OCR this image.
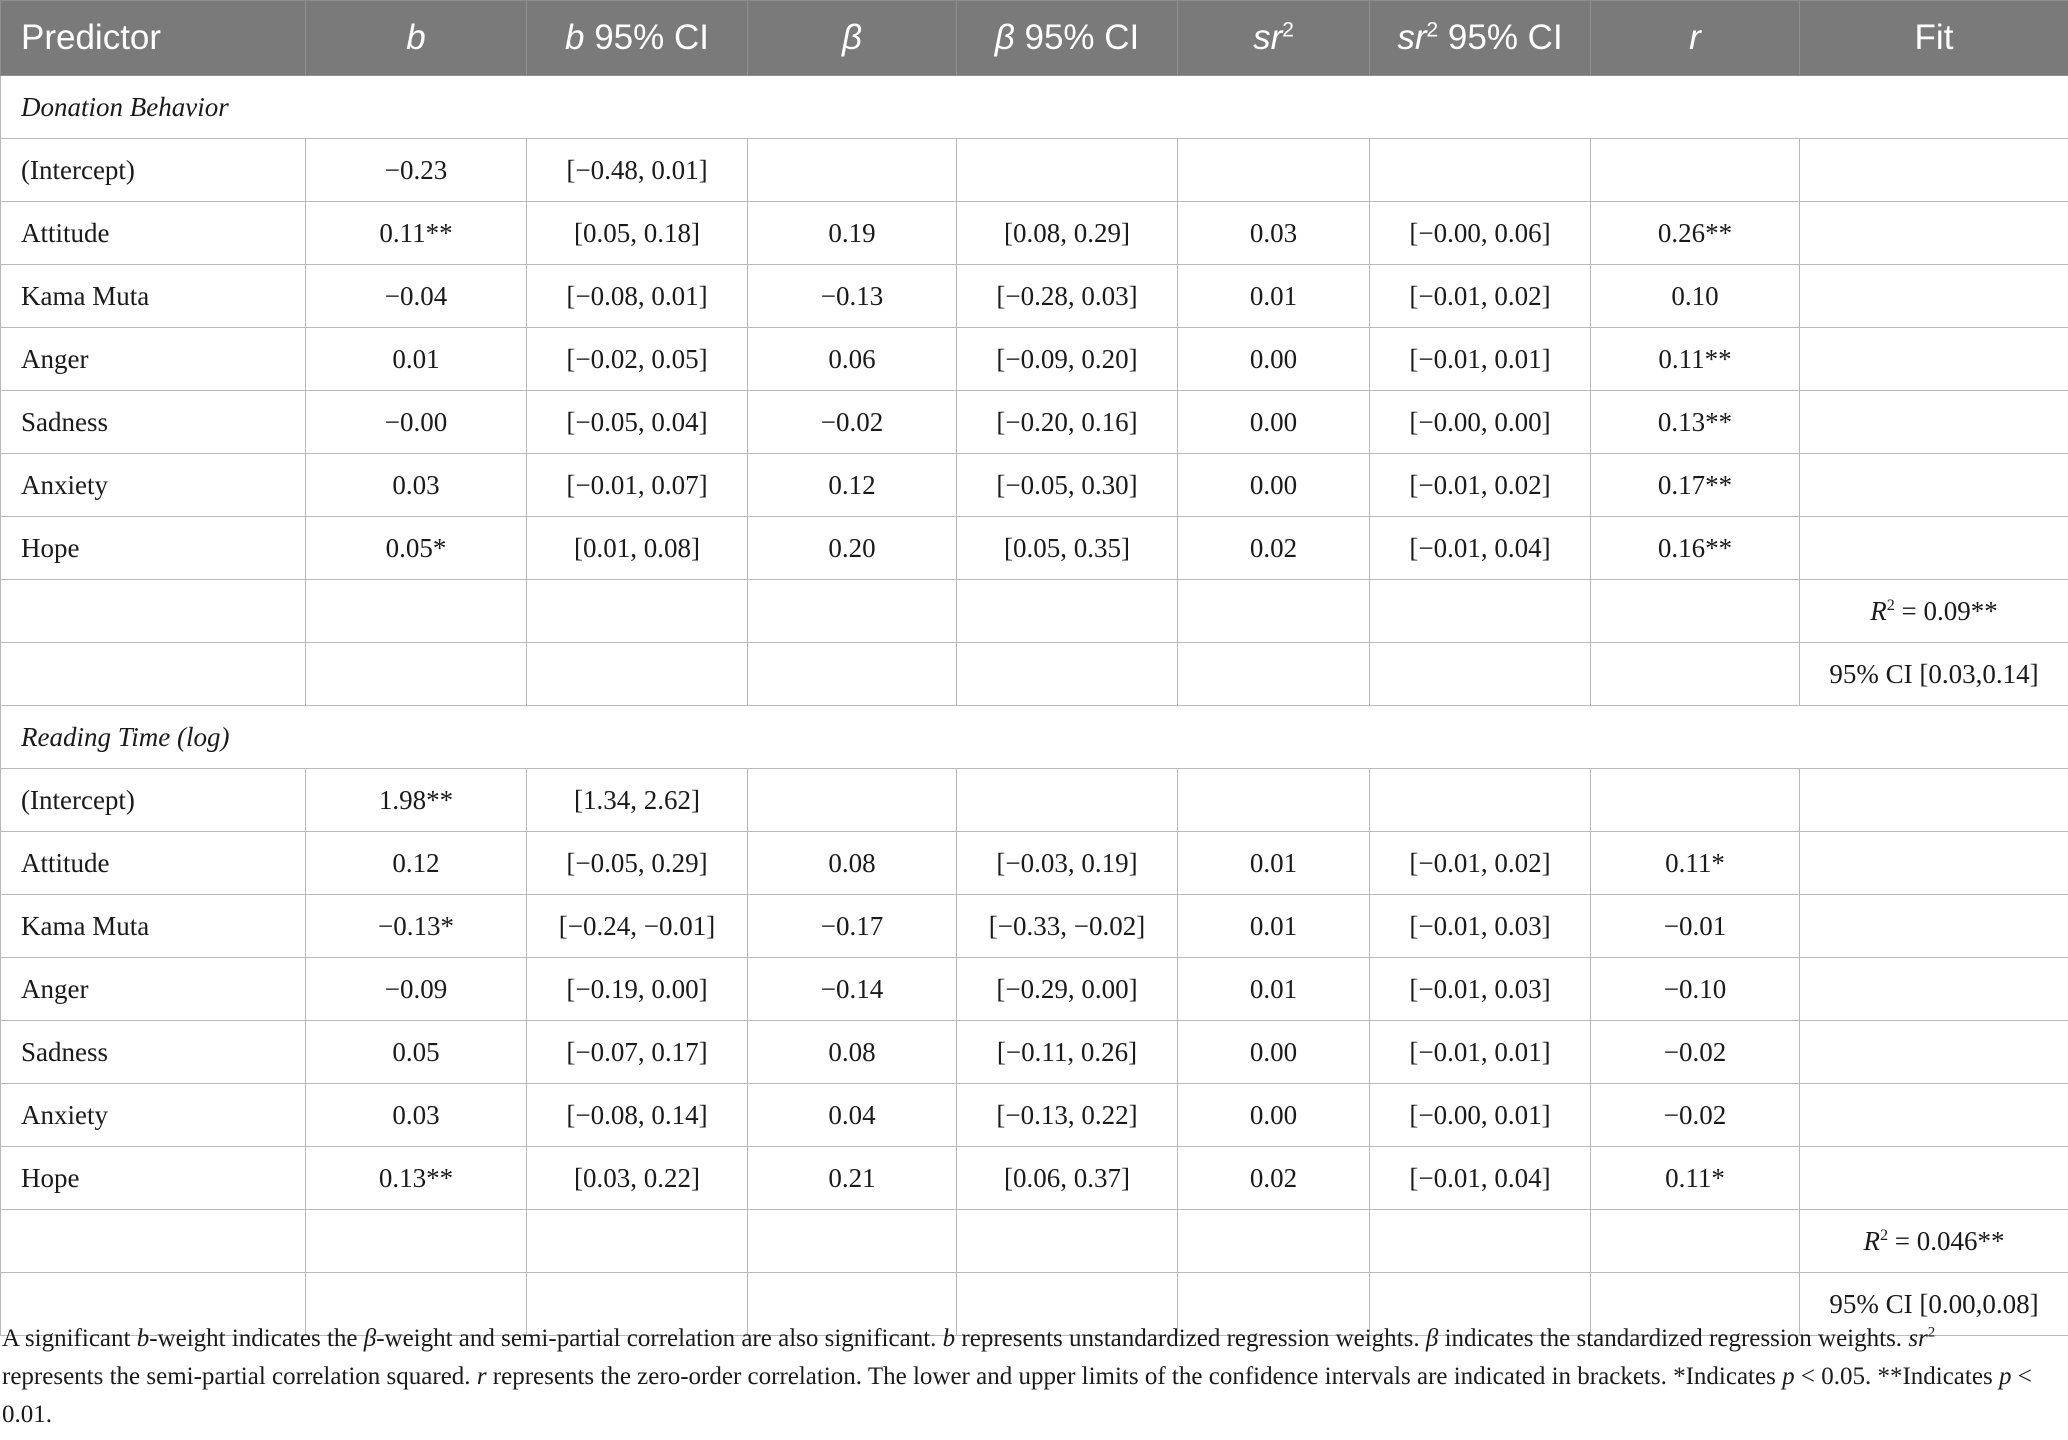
Predictor	b	b 95% CI	β	β 95% CI	$sr^2$	$sr^2$ 95% CI	r	Fit
Donation Behavior								
(Intercept)	−0.23	[−0.48, 0.01]						
Attitude	0.11**	[0.05, 0.18]	0.19	[0.08, 0.29]	0.03	[−0.00, 0.06]	0.26**	
Kama Muta	−0.04	[−0.08, 0.01]	−0.13	[−0.28, 0.03]	0.01	[−0.01, 0.02]	0.10	
Anger	0.01	[−0.02, 0.05]	0.06	[−0.09, 0.20]	0.00	[−0.01, 0.01]	0.11**	
Sadness	−0.00	[−0.05, 0.04]	−0.02	[−0.20, 0.16]	0.00	[−0.00, 0.00]	0.13**	
Anxiety	0.03	[−0.01, 0.07]	0.12	[−0.05, 0.30]	0.00	[−0.01, 0.02]	0.17**	
Hope	0.05*	[0.01, 0.08]	0.20	[0.05, 0.35]	0.02	[−0.01, 0.04]	0.16**	
								$R^2 = 0.09**$
								95% CI [0.03,0.14]
Reading Time (log)								
(Intercept)	1.98**	[1.34, 2.62]						
Attitude	0.12	[−0.05, 0.29]	0.08	[−0.03, 0.19]	0.01	[−0.01, 0.02]	0.11*	
Kama Muta	−0.13*	[−0.24, −0.01]	−0.17	[−0.33, −0.02]	0.01	[−0.01, 0.03]	−0.01	
Anger	−0.09	[−0.19, 0.00]	−0.14	[−0.29, 0.00]	0.01	[−0.01, 0.03]	−0.10	
Sadness	0.05	[−0.07, 0.17]	0.08	[−0.11, 0.26]	0.00	[−0.01, 0.01]	−0.02	
Anxiety	0.03	[−0.08, 0.14]	0.04	[−0.13, 0.22]	0.00	[−0.00, 0.01]	−0.02	
Hope	0.13**	[0.03, 0.22]	0.21	[0.06, 0.37]	0.02	[−0.01, 0.04]	0.11*	
								$R^2 = 0.046**$
								95% CI [0.00,0.08]
A significant b-weight indicates the β-weight and semi-partial correlation are also significant. b represents unstandardized regression weights. β indicates the standardized regression weights. $sr^2$ represents the semi-partial correlation squared. r represents the zero-order correlation. The lower and upper limits of the confidence intervals are indicated in brackets. *Indicates p < 0.05. **Indicates p < 0.01.
